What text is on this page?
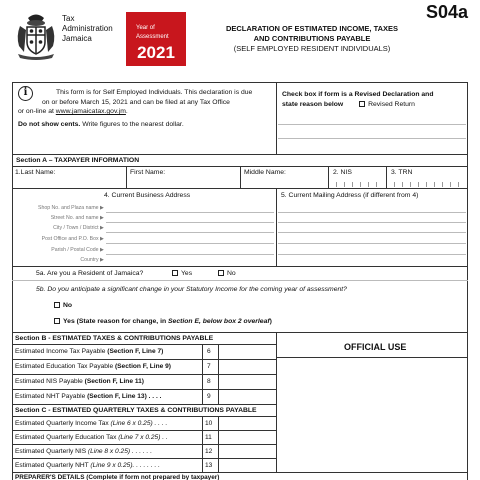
Tax
Administration
Jamaica
Year of
Assessment
2021
S04a
DECLARATION OF ESTIMATED INCOME, TAXES
AND CONTRIBUTIONS PAYABLE
(SELF EMPLOYED RESIDENT INDIVIDUALS)
i	This form is for Self Employed Individuals. This declaration is due

on or before March 15, 2021 and can be filed at any Tax Office

or on-line at www.jamaicatax.gov.jm.

Do not show cents. Write figures to the nearest dollar.

Check box if form is a Revised Declaration and
state reason below	Revised Return
Section A – TAXPAYER INFORMATION
1.Last Name:	First Name:	Middle Name:	2. NIS	3. TRN
4. Current Business Address	5. Current Mailing Address (if different from 4)
Shop No. and Plaza name ▶
Street No. and name ▶
City / Town / District ▶
Post Office and P.O. Box ▶
Parish / Postal Code ▶
Country ▶
5a. Are you a Resident of Jamaica?	Yes	No
5b. Do you anticipate a significant change in your Statutory Income for the coming year of assessment?
No
Yes (State reason for change, in Section E, below box 2 overleaf)
Section B - ESTIMATED TAXES & CONTRIBUTIONS PAYABLE
OFFICIAL USE
Estimated Income Tax Payable (Section F, Line 7)	6
Estimated Education Tax Payable (Section F, Line 9)	7
Estimated NIS Payable (Section F, Line 11)	8
Estimated NHT Payable (Section F, Line 13) . . . .	9
Section C - ESTIMATED QUARTERLY TAXES & CONTRIBUTIONS PAYABLE
Estimated Quarterly Income Tax (Line 6 x 0.25) . . . .	10
Estimated Quarterly Education Tax (Line 7 x 0.25) . .	11
Estimated Quarterly NIS (Line 8 x 0.25) . . . . . .	12
Estimated Quarterly NHT (Line 9 x 0.25). . . . . . . .	13
PREPARER'S DETAILS (Complete if form not prepared by taxpayer)
